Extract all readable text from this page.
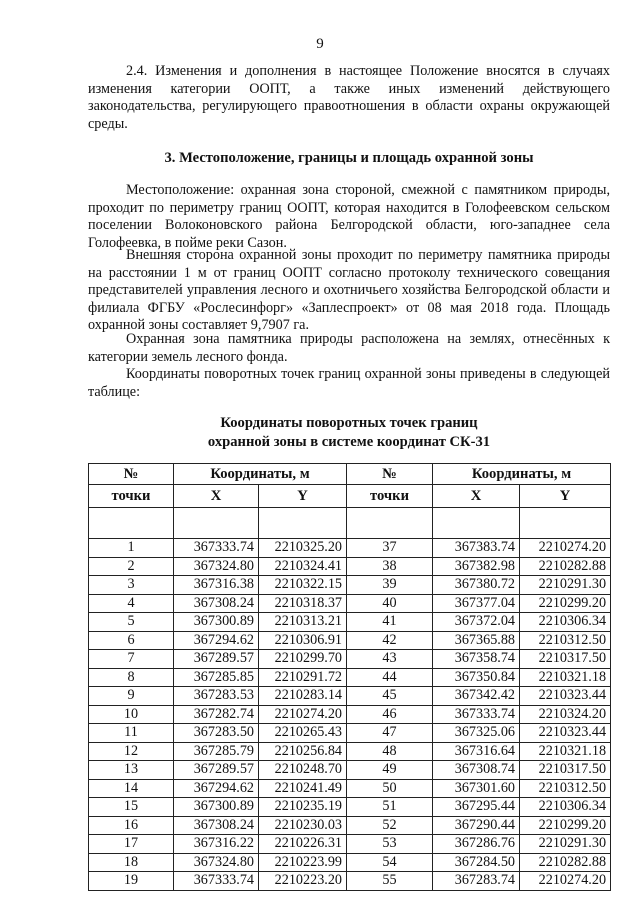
9
2.4. Изменения и дополнения в настоящее Положение вносятся в случаях изменения категории ООПТ, а также иных изменений действующего законодательства, регулирующего правоотношения в области охраны окружающей среды.
3. Местоположение, границы и площадь охранной зоны
Местоположение: охранная зона стороной, смежной с памятником природы, проходит по периметру границ ООПТ, которая находится в Голофеевском сельском поселении Волоконовского района Белгородской области, юго-западнее села Голофеевка, в пойме реки Сазон.
Внешняя сторона охранной зоны проходит по периметру памятника природы на расстоянии 1 м от границ ООПТ согласно протоколу технического совещания представителей управления лесного и охотничьего хозяйства Белгородской области и филиала ФГБУ «Рослесинфорг» «Заплеспроект» от 08 мая 2018 года. Площадь охранной зоны составляет 9,7907 га.
Охранная зона памятника природы расположена на землях, отнесённых к категории земель лесного фонда.
Координаты поворотных точек границ охранной зоны приведены в следующей таблице:
Координаты поворотных точек границ
охранной зоны в системе координат СК-31
№	Координаты, м		№	Координаты, м	
точки	X	Y	точки	X	Y

1	367333.74	2210325.20	37	367383.74	2210274.20
2	367324.80	2210324.41	38	367382.98	2210282.88
3	367316.38	2210322.15	39	367380.72	2210291.30
4	367308.24	2210318.37	40	367377.04	2210299.20
5	367300.89	2210313.21	41	367372.04	2210306.34
6	367294.62	2210306.91	42	367365.88	2210312.50
7	367289.57	2210299.70	43	367358.74	2210317.50
8	367285.85	2210291.72	44	367350.84	2210321.18
9	367283.53	2210283.14	45	367342.42	2210323.44
10	367282.74	2210274.20	46	367333.74	2210324.20
11	367283.50	2210265.43	47	367325.06	2210323.44
12	367285.79	2210256.84	48	367316.64	2210321.18
13	367289.57	2210248.70	49	367308.74	2210317.50
14	367294.62	2210241.49	50	367301.60	2210312.50
15	367300.89	2210235.19	51	367295.44	2210306.34
16	367308.24	2210230.03	52	367290.44	2210299.20
17	367316.22	2210226.31	53	367286.76	2210291.30
18	367324.80	2210223.99	54	367284.50	2210282.88
19	367333.74	2210223.20	55	367283.74	2210274.20
